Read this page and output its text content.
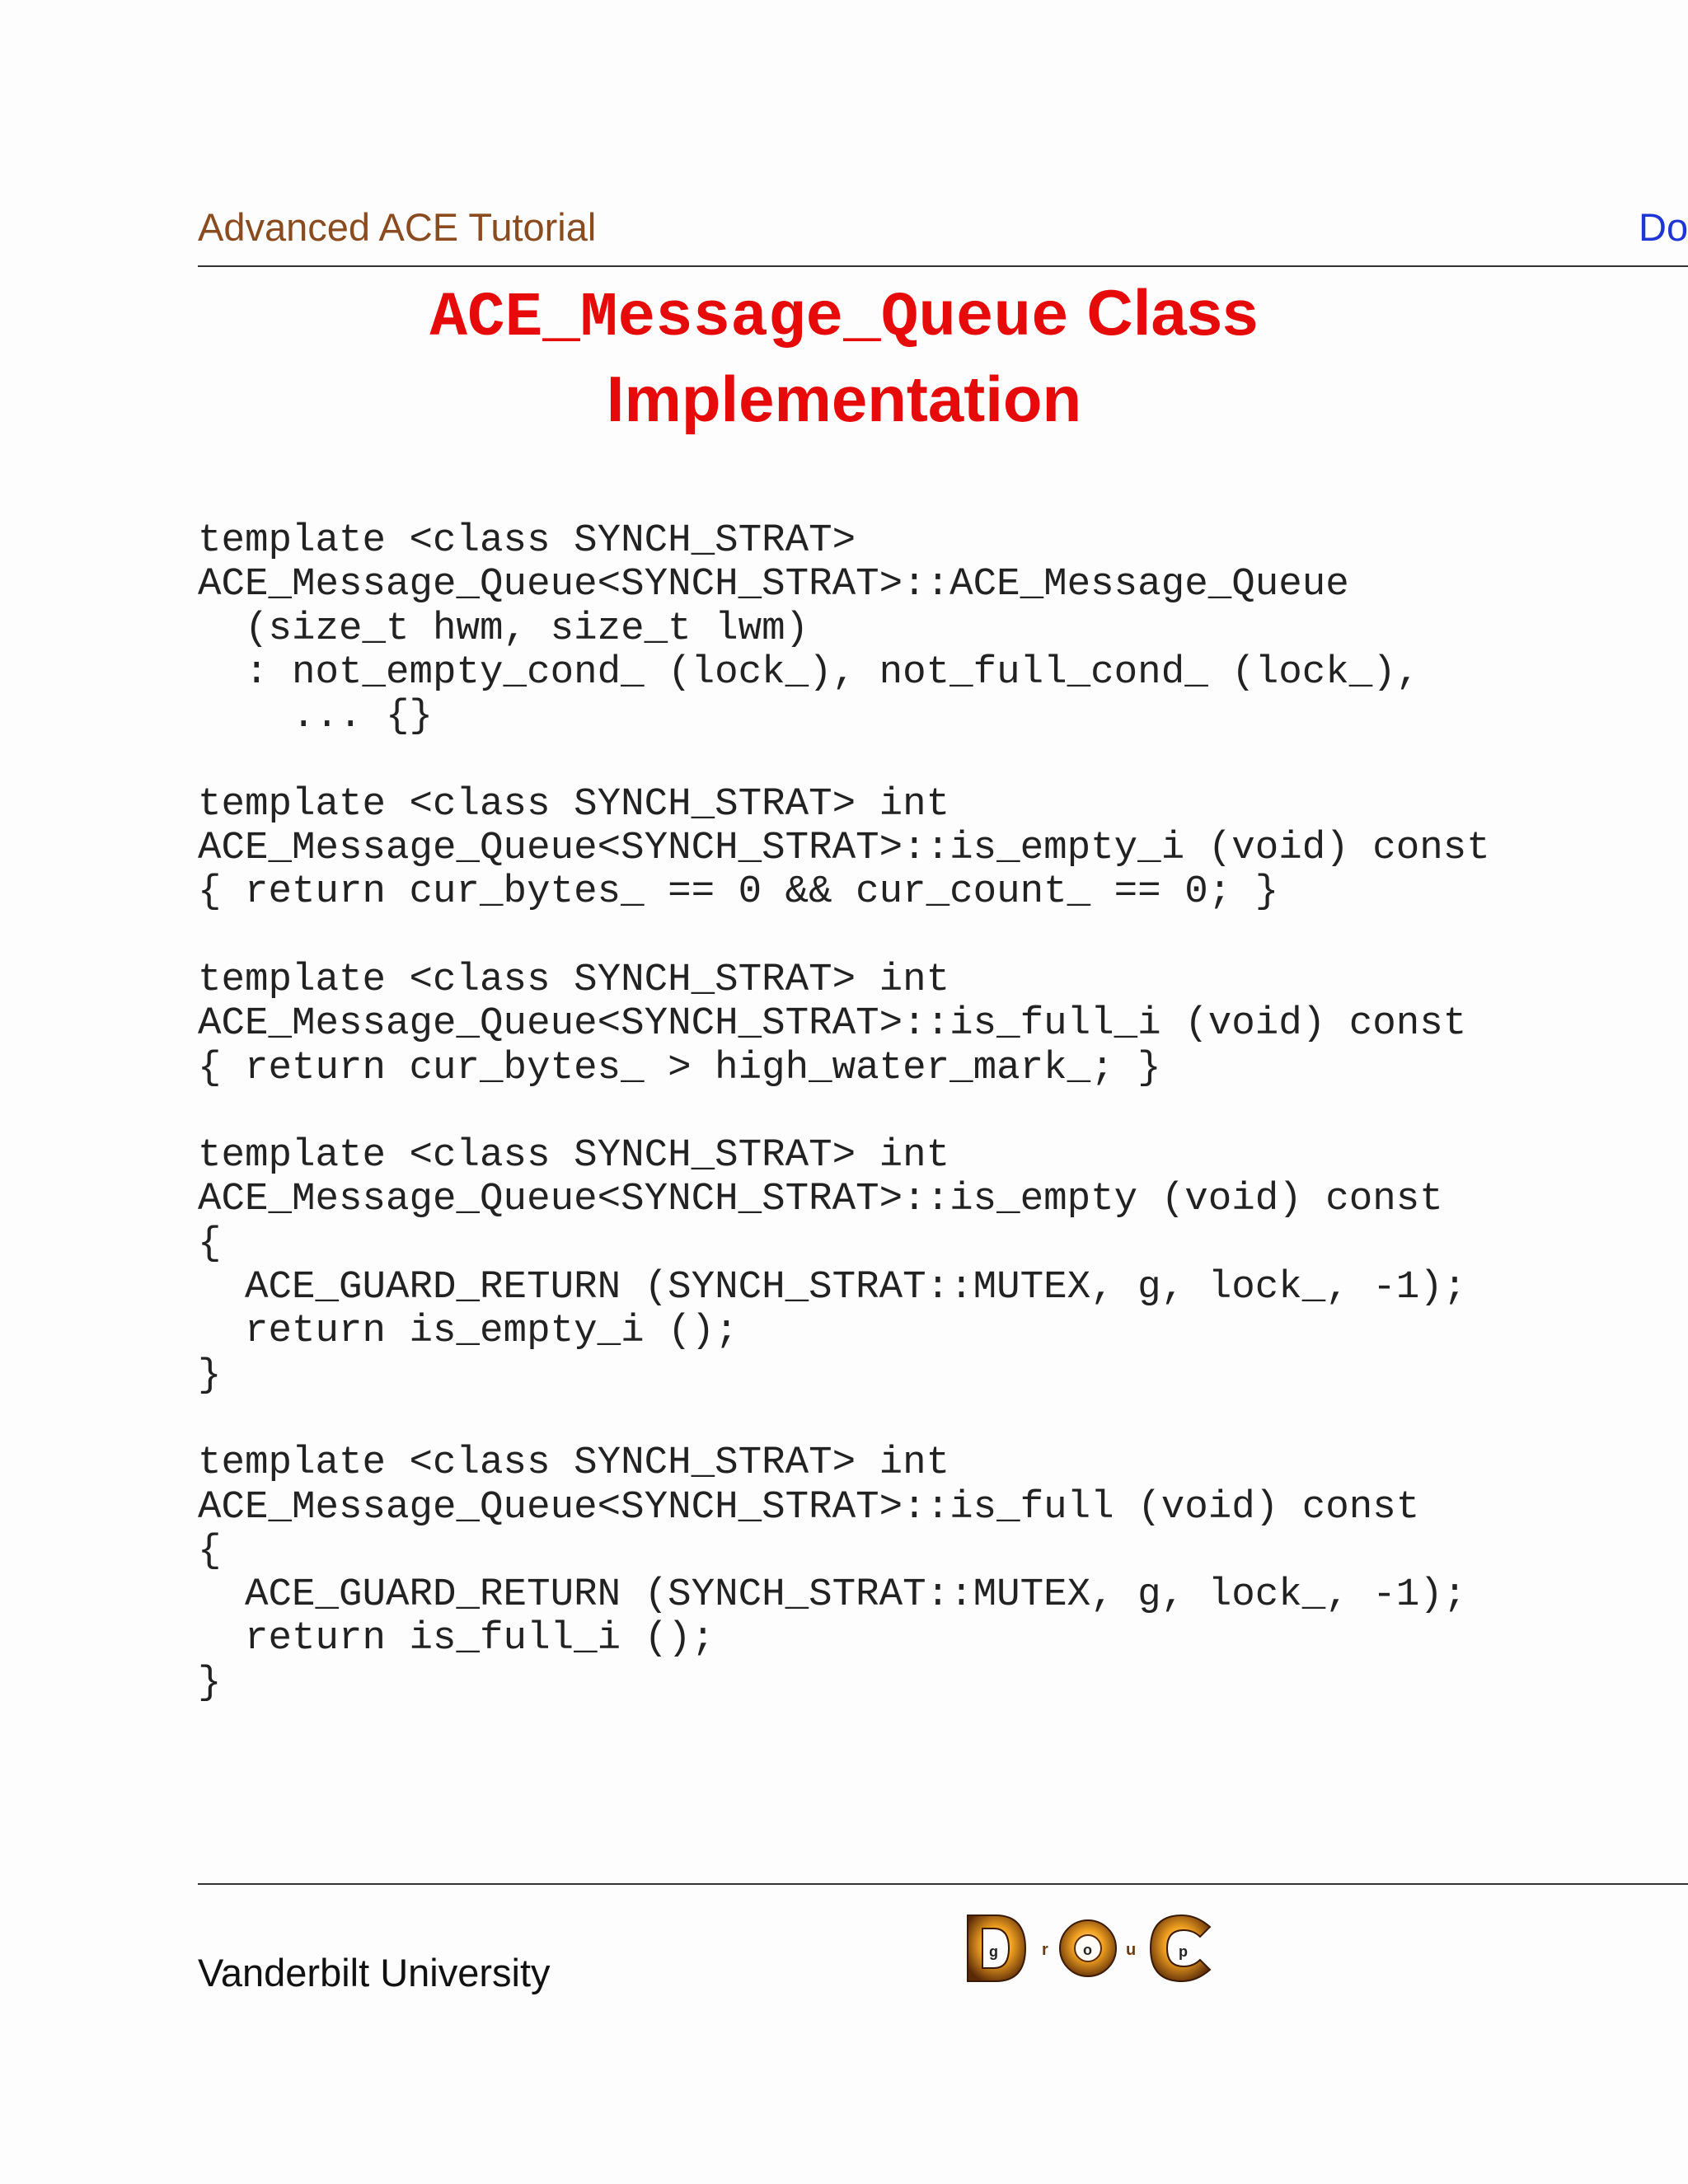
Advanced ACE Tutorial	Do
ACE_Message_Queue Class
Implementation
template <class SYNCH_STRAT>
ACE_Message_Queue<SYNCH_STRAT>::ACE_Message_Queue
(size_t hwm, size_t lwm)
: not_empty_cond_ (lock_), not_full_cond_ (lock_),
... {}

template <class SYNCH_STRAT> int
ACE_Message_Queue<SYNCH_STRAT>::is_empty_i (void) const
{ return cur_bytes_ == 0 && cur_count_ == 0; }

template <class SYNCH_STRAT> int
ACE_Message_Queue<SYNCH_STRAT>::is_full_i (void) const
{ return cur_bytes_ > high_water_mark_; }

template <class SYNCH_STRAT> int
ACE_Message_Queue<SYNCH_STRAT>::is_empty (void) const
{
ACE_GUARD_RETURN (SYNCH_STRAT::MUTEX, g, lock_, -1);
return is_empty_i ();
}

template <class SYNCH_STRAT> int
ACE_Message_Queue<SYNCH_STRAT>::is_full (void) const
{
ACE_GUARD_RETURN (SYNCH_STRAT::MUTEX, g, lock_, -1);
return is_full_i ();
}
Vanderbilt University	g	r o u	p
